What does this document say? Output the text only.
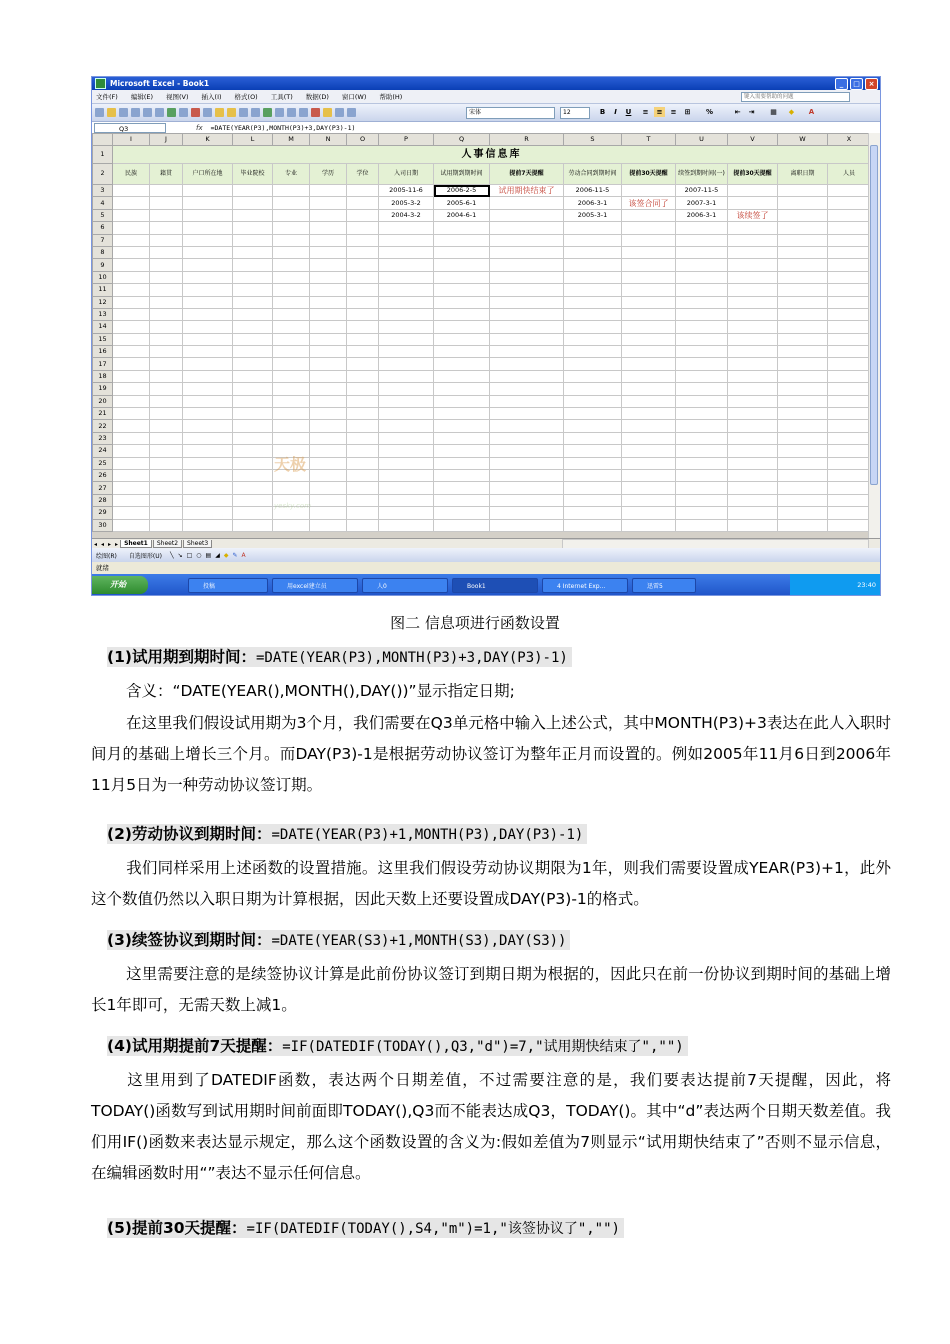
Microsoft Excel - Book1	_	□	×
文件(F) 编辑(E) 视图(V) 插入(I) 格式(O) 工具(T) 数据(D) 窗口(W) 帮助(H)	键入需要帮助的问题
宋体	12	B	I	U	≡	≡	≡	⊞	%	⇤	⇥	▦	◆	A
Q3	fx =DATE(YEAR(P3),MONTH(P3)+3,DAY(P3)-1)
	I	J	K	L	M	N	O	P	Q	R	S	T	U	V	W	X
1	人事信息库															
2	民族	籍贯	户口所在地	毕业院校	专业	学历	学位	入司日期	试用期到期时间	提前7天提醒	劳动合同到期时间	提前30天提醒	续签到期时间(一)	提前30天提醒	离职日期	人员
3								2005-11-6	2006-2-5	试用期快结束了	2006-11-5		2007-11-5			
4								2005-3-2	2005-6-1		2006-3-1	该签合同了	2007-3-1			
5								2004-3-2	2004-6-1		2005-3-1		2006-3-1	该续签了		
6																
7																
8																
9																
10																
11																
12																
13																
14																
15																
16																
17																
18																
19																
20																
21																
22																
23																
24																
25																
26																
27																
28																
29																
30																
天极
yesky.com
◂ ◂ ▸ ▸	Sheet1	Sheet2	Sheet3
绘图(R) 自选图形(U) ╲ ↘ □ ○ ▤ ◢ ◆ ✎ A
就绪
开始	投稿	用excel建立员	人0	Book1	4 Internet Exp...	迅雷5	23:40
图二 信息项进行函数设置
(1)试用期到期时间：=DATE(YEAR(P3),MONTH(P3)+3,DAY(P3)-1)
含义：“DATE(YEAR(),MONTH(),DAY())”显示指定日期;
在这里我们假设试用期为3个月，我们需要在Q3单元格中输入上述公式，其中MONTH(P3)+3表达在此人入职时间月的基础上增长三个月。而DAY(P3)-1是根据劳动协议签订为整年正月而设置的。例如2005年11月6日到2006年11月5日为一种劳动协议签订期。
(2)劳动协议到期时间：=DATE(YEAR(P3)+1,MONTH(P3),DAY(P3)-1)
我们同样采用上述函数的设置措施。这里我们假设劳动协议期限为1年，则我们需要设置成YEAR(P3)+1，此外这个数值仍然以入职日期为计算根据，因此天数上还要设置成DAY(P3)-1的格式。
(3)续签协议到期时间：=DATE(YEAR(S3)+1,MONTH(S3),DAY(S3))
这里需要注意的是续签协议计算是此前份协议签订到期日期为根据的，因此只在前一份协议到期时间的基础上增长1年即可，无需天数上减1。
(4)试用期提前7天提醒：=IF(DATEDIF(TODAY(),Q3,"d")=7,"试用期快结束了","")
这里用到了DATEDIF函数，表达两个日期差值，不过需要注意的是，我们要表达提前7天提醒，因此，将TODAY()函数写到试用期时间前面即TODAY(),Q3而不能表达成Q3，TODAY()。其中“d”表达两个日期天数差值。我们用IF()函数来表达显示规定，那么这个函数设置的含义为:假如差值为7则显示“试用期快结束了”否则不显示信息，在编辑函数时用“”表达不显示任何信息。
(5)提前30天提醒：=IF(DATEDIF(TODAY(),S4,"m")=1,"该签协议了","")
